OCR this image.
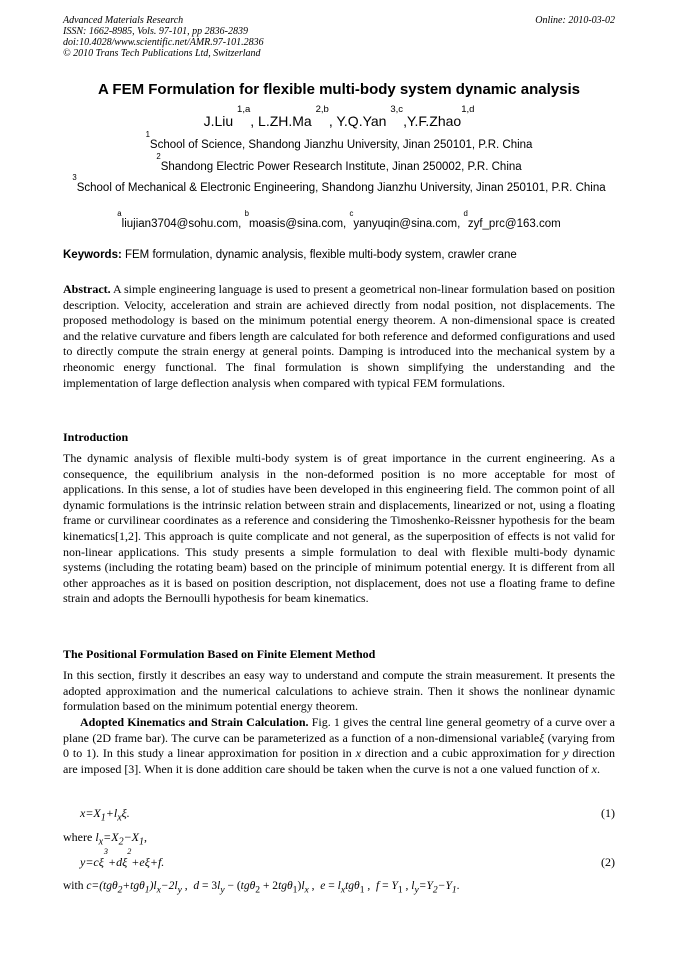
Advanced Materials Research
ISSN: 1662-8985, Vols. 97-101, pp 2836-2839
doi:10.4028/www.scientific.net/AMR.97-101.2836
© 2010 Trans Tech Publications Ltd, Switzerland
Online: 2010-03-02
A FEM Formulation for flexible multi-body system dynamic analysis
J.Liu $^{1,a}$, L.ZH.Ma $^{2,b}$, Y.Q.Yan $^{3,c}$,Y.F.Zhao$^{1,d}$
$^1$School of Science, Shandong Jianzhu University, Jinan 250101, P.R. China
$^2$Shandong Electric Power Research Institute, Jinan 250002, P.R. China
$^3$School of Mechanical & Electronic Engineering, Shandong Jianzhu University, Jinan 250101, P.R. China
$^a$liujian3704@sohu.com, $^b$moasis@sina.com, $^c$yanyuqin@sina.com, $^d$zyf_prc@163.com
Keywords: FEM formulation, dynamic analysis, flexible multi-body system, crawler crane
Abstract. A simple engineering language is used to present a geometrical non-linear formulation based on position description. Velocity, acceleration and strain are achieved directly from nodal position, not displacements. The proposed methodology is based on the minimum potential energy theorem. A non-dimensional space is created and the relative curvature and fibers length are calculated for both reference and deformed configurations and used to directly compute the strain energy at general points. Damping is introduced into the mechanical system by a rheonomic energy functional. The final formulation is shown simplifying the understanding and the implementation of large deflection analysis when compared with typical FEM formulations.
Introduction
The dynamic analysis of flexible multi-body system is of great importance in the current engineering. As a consequence, the equilibrium analysis in the non-deformed position is no more acceptable for most of applications. In this sense, a lot of studies have been developed in this engineering field. The common point of all dynamic formulations is the intrinsic relation between strain and displacements, linearized or not, using a floating frame or curvilinear coordinates as a reference and considering the Timoshenko-Reissner hypothesis for the beam kinematics[1,2]. This approach is quite complicate and not general, as the superposition of effects is not valid for non-linear applications. This study presents a simple formulation to deal with flexible multi-body dynamic systems (including the rotating beam) based on the principle of minimum potential energy. It is different from all other approaches as it is based on position description, not displacement, does not use a floating frame to define strain and adopts the Bernoulli hypothesis for beam kinematics.
The Positional Formulation Based on Finite Element Method
In this section, firstly it describes an easy way to understand and compute the strain measurement. It presents the adopted approximation and the numerical calculations to achieve strain. Then it shows the nonlinear dynamic formulation based on the minimum potential energy theorem.
Adopted Kinematics and Strain Calculation. Fig. 1 gives the central line general geometry of a curve over a plane (2D frame bar). The curve can be parameterized as a function of a non-dimensional variableξ (varying from 0 to 1). In this study a linear approximation for position in x direction and a cubic approximation for y direction are imposed [3]. When it is done addition care should be taken when the curve is not a one valued function of x.
$x=X_1+l_x\xi$.	(1)
where $l_x=X_2-X_1$,
$y=c\xi^3+d\xi^2+e\xi+f$.	(2)
with $c=(tg\theta_2+tg\theta_1)l_x-2l_y$ ,  $d = 3l_y - (tg\theta_2 + 2tg\theta_1)l_x$ ,  $e = l_xtg\theta_1$ ,  $f = Y_1$ , $l_y=Y_2-Y_1$.
